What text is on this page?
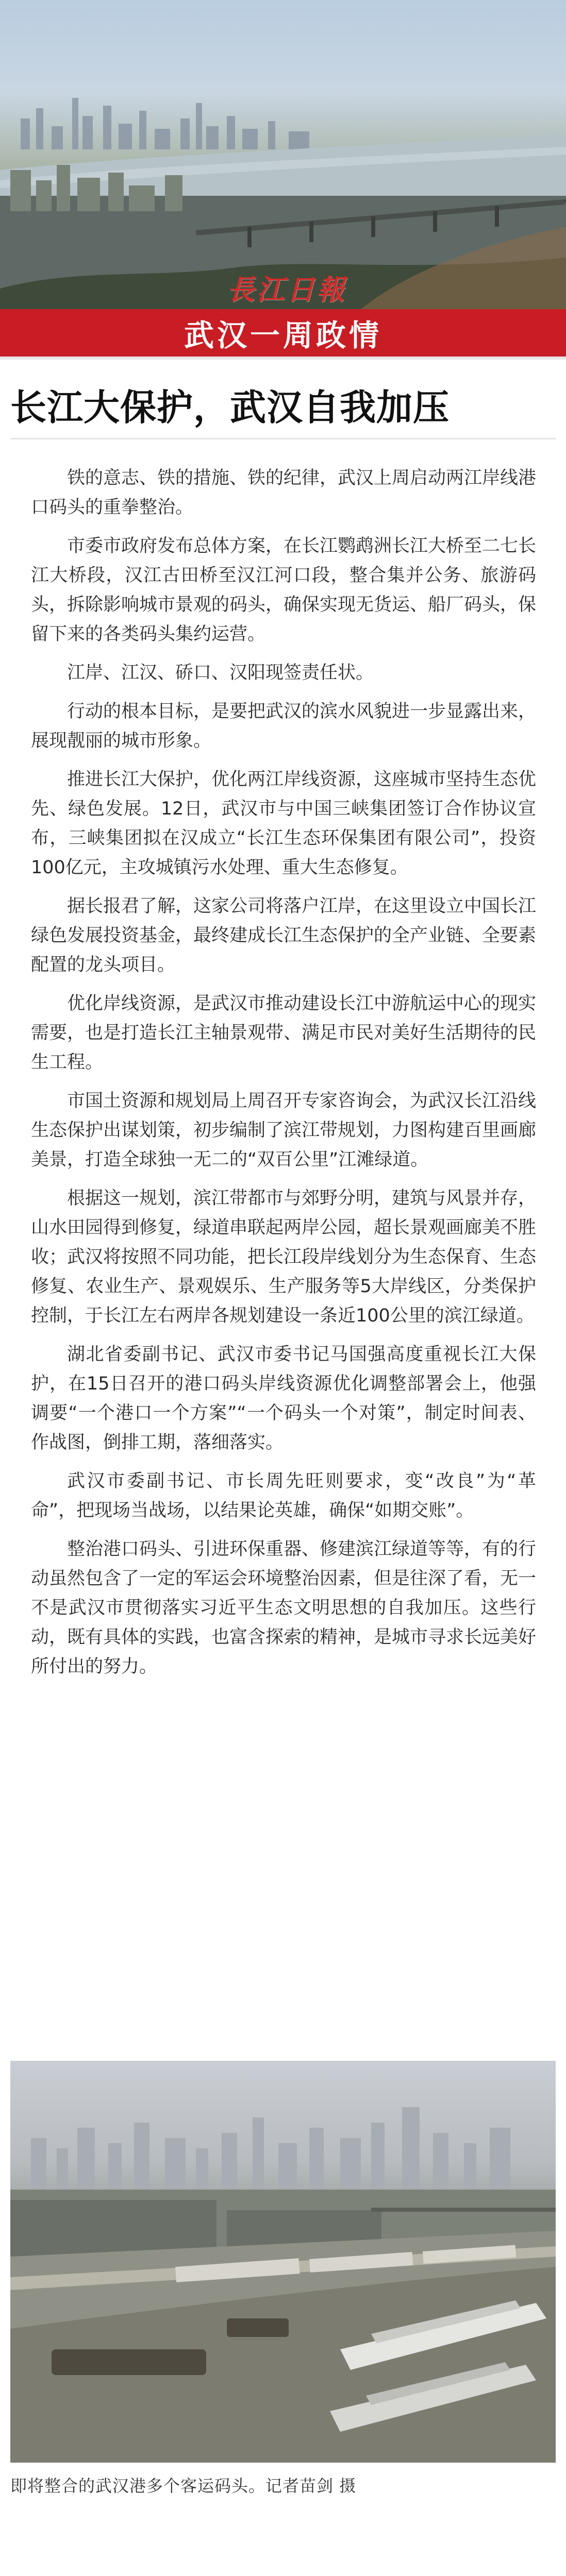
長江日報
武汉一周政情
长江大保护，武汉自我加压

铁的意志、铁的措施、铁的纪律，武汉上周启动两江岸线港口码头的重拳整治。

市委市政府发布总体方案，在长江鹦鹉洲长江大桥至二七长江大桥段，汉江古田桥至汉江河口段，整合集并公务、旅游码头，拆除影响城市景观的码头，确保实现无货运、船厂码头，保留下来的各类码头集约运营。

江岸、江汉、硚口、汉阳现签责任状。

行动的根本目标，是要把武汉的滨水风貌进一步显露出来，展现靓丽的城市形象。

推进长江大保护，优化两江岸线资源，这座城市坚持生态优先、绿色发展。12日，武汉市与中国三峡集团签订合作协议宣布，三峡集团拟在汉成立“长江生态环保集团有限公司”，投资100亿元，主攻城镇污水处理、重大生态修复。

据长报君了解，这家公司将落户江岸，在这里设立中国长江绿色发展投资基金，最终建成长江生态保护的全产业链、全要素配置的龙头项目。

优化岸线资源，是武汉市推动建设长江中游航运中心的现实需要，也是打造长江主轴景观带、满足市民对美好生活期待的民生工程。

市国土资源和规划局上周召开专家咨询会，为武汉长江沿线生态保护出谋划策，初步编制了滨江带规划，力图构建百里画廊美景，打造全球独一无二的“双百公里”江滩绿道。

根据这一规划，滨江带都市与郊野分明，建筑与风景并存，山水田园得到修复，绿道串联起两岸公园，超长景观画廊美不胜收；武汉将按照不同功能，把长江段岸线划分为生态保育、生态修复、农业生产、景观娱乐、生产服务等5大岸线区，分类保护控制，于长江左右两岸各规划建设一条近100公里的滨江绿道。

湖北省委副书记、武汉市委书记马国强高度重视长江大保护，在15日召开的港口码头岸线资源优化调整部署会上，他强调要“一个港口一个方案”“一个码头一个对策”，制定时间表、作战图，倒排工期，落细落实。

武汉市委副书记、市长周先旺则要求，变“改良”为“革命”，把现场当战场，以结果论英雄，确保“如期交账”。

整治港口码头、引进环保重器、修建滨江绿道等等，有的行动虽然包含了一定的军运会环境整治因素，但是往深了看，无一不是武汉市贯彻落实习近平生态文明思想的自我加压。这些行动，既有具体的实践，也富含探索的精神，是城市寻求长远美好所付出的努力。

即将整合的武汉港多个客运码头。记者苗剑 摄
